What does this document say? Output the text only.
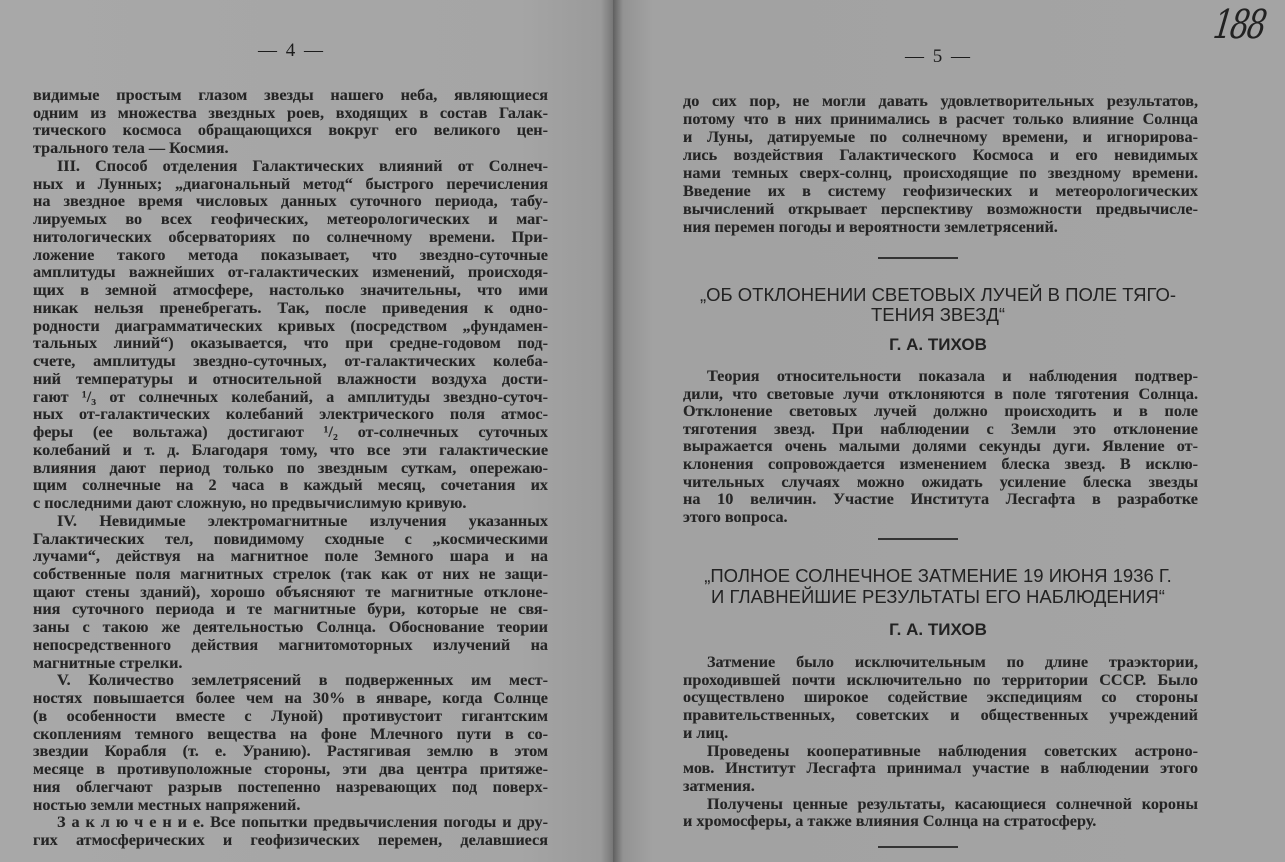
— 4 —
видимые простым глазом звезды нашего неба, являющиеся
одним из множества звездных роев, входящих в состав Галак-
тического космоса обращающихся вокруг его великого цен-
трального тела — Космия.
III. Способ отделения Галактических влияний от Солнеч-
ных и Лунных; „диагональный метод“ быстрого перечисления
на звездное время числовых данных суточного периода, табу-
лируемых во всех геофических, метеорологических и маг-
нитологических обсерваториях по солнечному времени. При-
ложение такого метода показывает, что звездно-суточные
амплитуды важнейших от-галактических изменений, происходя-
щих в земной атмосфере, настолько значительны, что ими
никак нельзя пренебрегать. Так, после приведения к одно-
родности диаграмматических кривых (посредством „фундамен-
тальных линий“) оказывается, что при средне-годовом под-
счете, амплитуды звездно-суточных, от-галактических колеба-
ний температуры и относительной влажности воздуха дости-
гают ¹/₃ от солнечных колебаний, а амплитуды звездно-суточ-
ных от-галактических колебаний электрического поля атмос-
феры (ее вольтажа) достигают ¹/₂ от-солнечных суточных
колебаний и т. д. Благодаря тому, что все эти галактические
влияния дают период только по звездным суткам, опережаю-
щим солнечные на 2 часа в каждый месяц, сочетания их
с последними дают сложную, но предвычислимую кривую.
IV. Невидимые электромагнитные излучения указанных
Галактических тел, повидимому сходные с „космическими
лучами“, действуя на магнитное поле Земного шара и на
собственные поля магнитных стрелок (так как от них не защи-
щают стены зданий), хорошо объясняют те магнитные отклоне-
ния суточного периода и те магнитные бури, которые не свя-
заны с такою же деятельностью Солнца. Обоснование теории
непосредственного действия магнитомоторных излучений на
магнитные стрелки.
V. Количество землетрясений в подверженных им мест-
ностях повышается более чем на 30% в январе, когда Солнце
(в особенности вместе с Луной) противустоит гигантским
скоплениям темного вещества на фоне Млечного пути в со-
звездии Корабля (т. е. Уранию). Растягивая землю в этом
месяце в противуположные стороны, эти два центра притяже-
ния облегчают разрыв постепенно назревающих под поверх-
ностью земли местных напряжений.
З а к л ю ч е н и е. Все попытки предвычисления погоды и дру-
гих атмосферических и геофизических перемен, делавшиеся
— 5 —
до сих пор, не могли давать удовлетворительных результатов,
потому что в них принимались в расчет только влияние Солнца
и Луны, датируемые по солнечному времени, и игнорирова-
лись воздействия Галактического Космоса и его невидимых
нами темных сверх-солнц, происходящие по звездному времени.
Введение их в систему геофизических и метеорологических
вычислений открывает перспективу возможности предвычисле-
ния перемен погоды и вероятности землетрясений.
„ОБ ОТКЛОНЕНИИ СВЕТОВЫХ ЛУЧЕЙ В ПОЛЕ ТЯГО-
ТЕНИЯ ЗВЕЗД“
Г. А. ТИХОВ
Теория относительности показала и наблюдения подтвер-
дили, что световые лучи отклоняются в поле тяготения Солнца.
Отклонение световых лучей должно происходить и в поле
тяготения звезд. При наблюдении с Земли это отклонение
выражается очень малыми долями секунды дуги. Явление от-
клонения сопровождается изменением блеска звезд. В исклю-
чительных случаях можно ожидать усиление блеска звезды
на 10 величин. Участие Института Лесгафта в разработке
этого вопроса.
„ПОЛНОЕ СОЛНЕЧНОЕ ЗАТМЕНИЕ 19 ИЮНЯ 1936 Г.
И ГЛАВНЕЙШИЕ РЕЗУЛЬТАТЫ ЕГО НАБЛЮДЕНИЯ“
Г. А. ТИХОВ
Затмение было исключительным по длине траэктории,
проходившей почти исключительно по территории СССР. Было
осуществлено широкое содействие экспедициям со стороны
правительственных, советских и общественных учреждений
и лиц.
Проведены кооперативные наблюдения советских астроно-
мов. Институт Лесгафта принимал участие в наблюдении этого
затмения.
Получены ценные результаты, касающиеся солнечной короны
и хромосферы, а также влияния Солнца на стратосферу.
188
